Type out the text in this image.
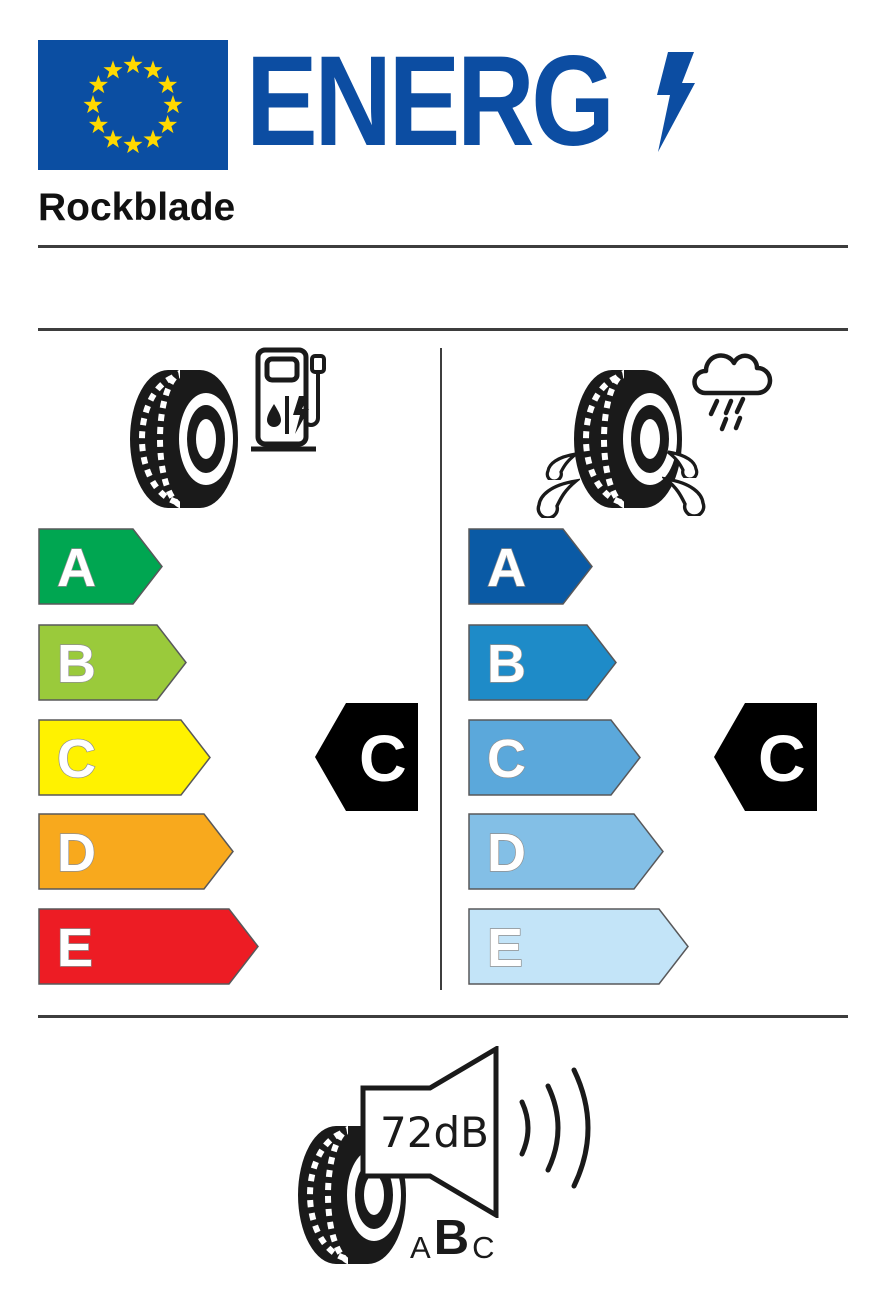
ENERG
Rockblade
A
B
C
D
E
A
B
C
D
E
C	C
72dB
A B C
